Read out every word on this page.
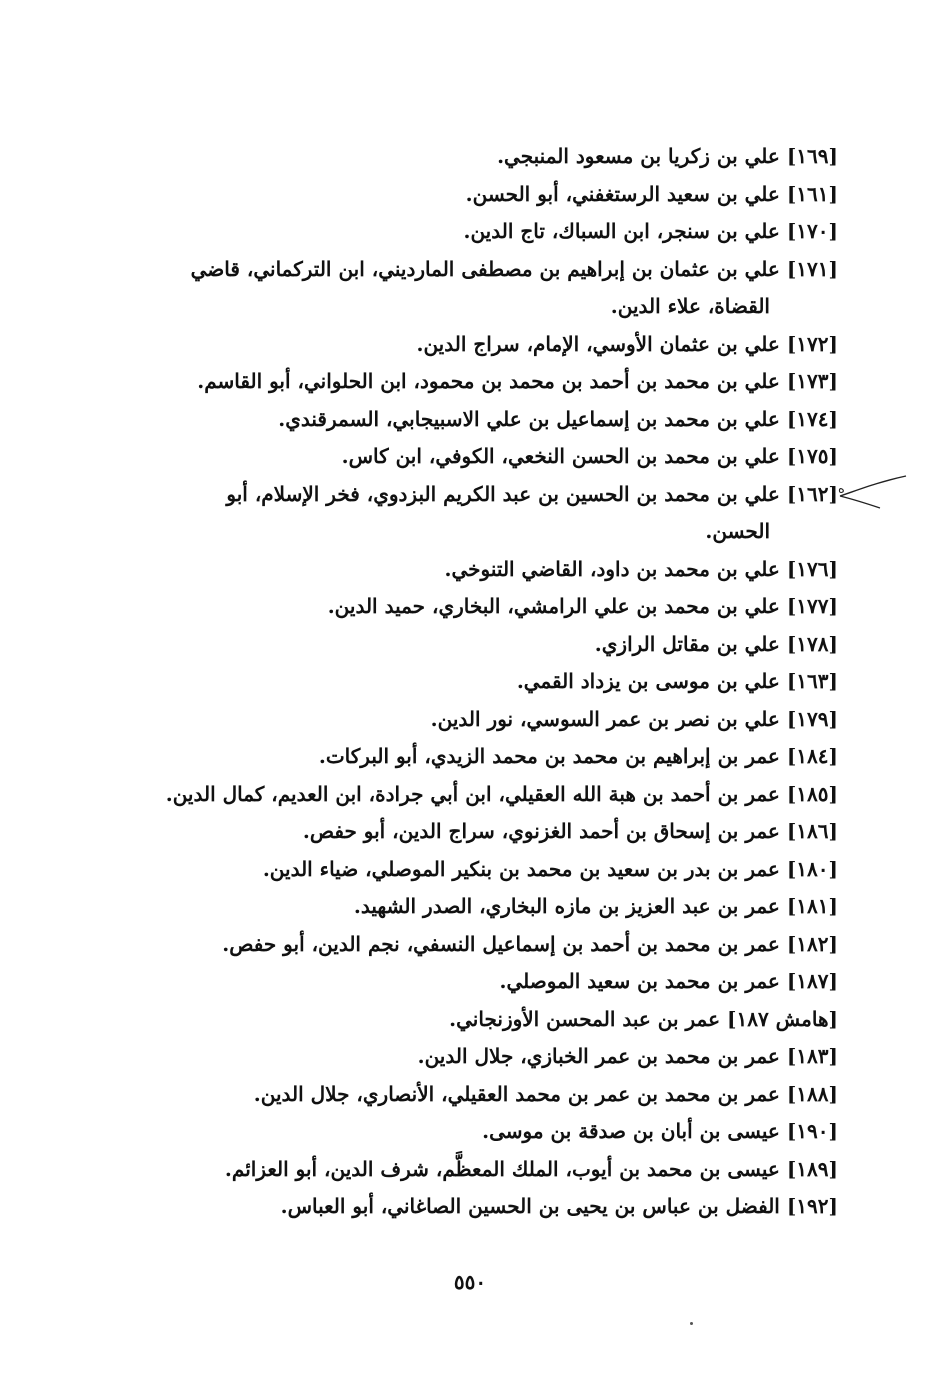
[١٦٩] علي بن زكريا بن مسعود المنبجي.
[١٦١] علي بن سعيد الرستغفني، أبو الحسن.
[١٧٠] علي بن سنجر، ابن السباك، تاج الدين.
[١٧١] علي بن عثمان بن إبراهيم بن مصطفى المارديني، ابن التركماني، قاضي
القضاة، علاء الدين.
[١٧٢] علي بن عثمان الأوسي، الإمام، سراج الدين.
[١٧٣] علي بن محمد بن أحمد بن محمد بن محمود، ابن الحلواني، أبو القاسم.
[١٧٤] علي بن محمد بن إسماعيل بن علي الاسبيجابي، السمرقندي.
[١٧٥] علي بن محمد بن الحسن النخعي، الكوفي، ابن كاس.
[١٦٢] علي بن محمد بن الحسين بن عبد الكريم البزدوي، فخر الإسلام، أبو
الحسن.
[١٧٦] علي بن محمد بن داود، القاضي التنوخي.
[١٧٧] علي بن محمد بن علي الرامشي، البخاري، حميد الدين.
[١٧٨] علي بن مقاتل الرازي.
[١٦٣] علي بن موسى بن يزداد القمي.
[١٧٩] علي بن نصر بن عمر السوسي، نور الدين.
[١٨٤] عمر بن إبراهيم بن محمد بن محمد الزيدي، أبو البركات.
[١٨٥] عمر بن أحمد بن هبة الله العقيلي، ابن أبي جرادة، ابن العديم، كمال الدين.
[١٨٦] عمر بن إسحاق بن أحمد الغزنوي، سراج الدين، أبو حفص.
[١٨٠] عمر بن بدر بن سعيد بن محمد بن بنكير الموصلي، ضياء الدين.
[١٨١] عمر بن عبد العزيز بن مازه البخاري، الصدر الشهيد.
[١٨٢] عمر بن محمد بن أحمد بن إسماعيل النسفي، نجم الدين، أبو حفص.
[١٨٧] عمر بن محمد بن سعيد الموصلي.
[هامش ١٨٧] عمر بن عبد المحسن الأوزنجاني.
[١٨٣] عمر بن محمد بن عمر الخبازي، جلال الدين.
[١٨٨] عمر بن محمد بن عمر بن محمد العقيلي، الأنصاري، جلال الدين.
[١٩٠] عيسى بن أبان بن صدقة بن موسى.
[١٨٩] عيسى بن محمد بن أيوب، الملك المعظَّم، شرف الدين، أبو العزائم.
[١٩٢] الفضل بن عباس بن يحيى بن الحسين الصاغاني، أبو العباس.
ه
٥٥٠
